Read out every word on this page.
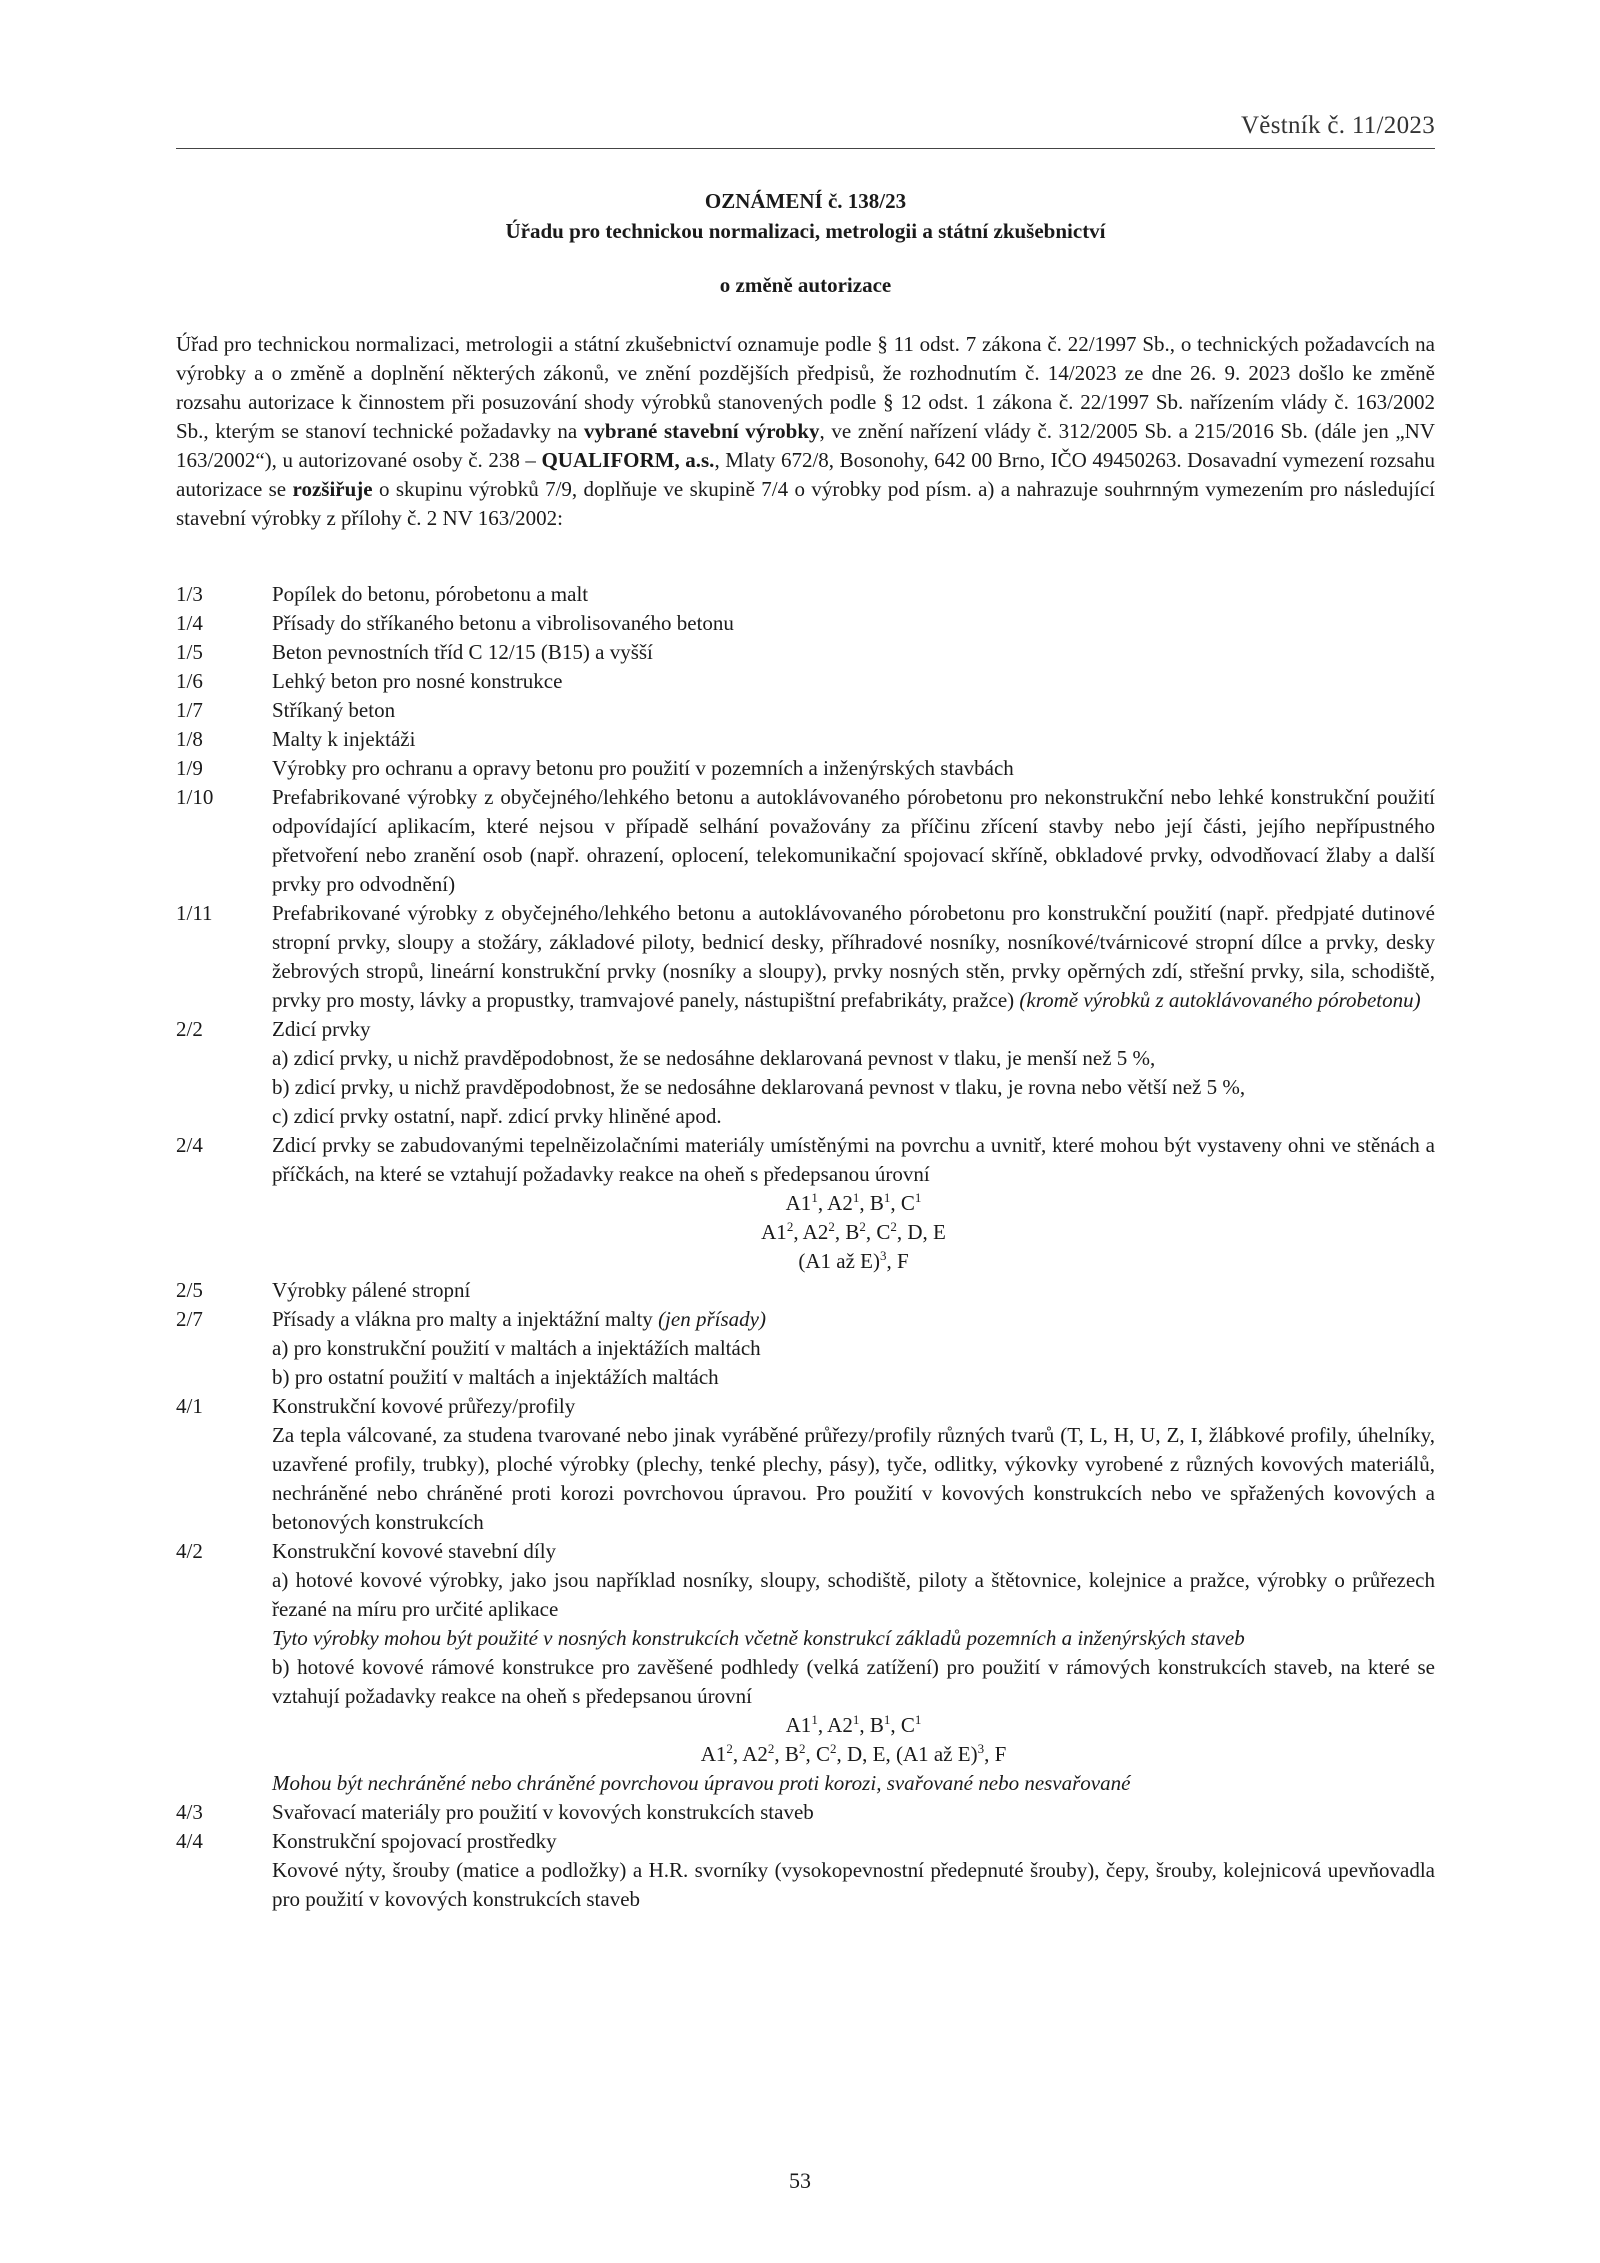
Věstník č. 11/2023
OZNÁMENÍ č. 138/23
Úřadu pro technickou normalizaci, metrologii a státní zkušebnictví
o změně autorizace
Úřad pro technickou normalizaci, metrologii a státní zkušebnictví oznamuje podle § 11 odst. 7 zákona č. 22/1997 Sb., o technických požadavcích na výrobky a o změně a doplnění některých zákonů, ve znění pozdějších předpisů, že rozhodnutím č. 14/2023 ze dne 26. 9. 2023 došlo ke změně rozsahu autorizace k činnostem při posuzování shody výrobků stanovených podle § 12 odst. 1 zákona č. 22/1997 Sb. nařízením vlády č. 163/2002 Sb., kterým se stanoví technické požadavky na vybrané stavební výrobky, ve znění nařízení vlády č. 312/2005 Sb. a 215/2016 Sb. (dále jen „NV 163/2002“), u autorizované osoby č. 238 – QUALIFORM, a.s., Mlaty 672/8, Bosonohy, 642 00 Brno, IČO 49450263. Dosavadní vymezení rozsahu autorizace se rozšiřuje o skupinu výrobků 7/9, doplňuje ve skupině 7/4 o výrobky pod písm. a) a nahrazuje souhrnným vymezením pro následující stavební výrobky z přílohy č. 2 NV 163/2002:
1/3	Popílek do betonu, pórobetonu a malt
1/4	Přísady do stříkaného betonu a vibrolisovaného betonu
1/5	Beton pevnostních tříd C 12/15 (B15) a vyšší
1/6	Lehký beton pro nosné konstrukce
1/7	Stříkaný beton
1/8	Malty k injektáži
1/9	Výrobky pro ochranu a opravy betonu pro použití v pozemních a inženýrských stavbách
1/10	Prefabrikované výrobky z obyčejného/lehkého betonu a autoklávovaného pórobetonu pro nekonstrukční nebo lehké konstrukční použití odpovídající aplikacím, které nejsou v případě selhání považovány za příčinu zřícení stavby nebo její části, jejího nepřípustného přetvoření nebo zranění osob (např. ohrazení, oplocení, telekomunikační spojovací skříně, obkladové prvky, odvodňovací žlaby a další prvky pro odvodnění)
1/11	Prefabrikované výrobky z obyčejného/lehkého betonu a autoklávovaného pórobetonu pro konstrukční použití (např. předpjaté dutinové stropní prvky, sloupy a stožáry, základové piloty, bednicí desky, příhradové nosníky, nosníkové/tvárnicové stropní dílce a prvky, desky žebrových stropů, lineární konstrukční prvky (nosníky a sloupy), prvky nosných stěn, prvky opěrných zdí, střešní prvky, sila, schodiště, prvky pro mosty, lávky a propustky, tramvajové panely, nástupištní prefabrikáty, pražce) (kromě výrobků z autoklávovaného pórobetonu)
2/2	Zdicí prvky
a) zdicí prvky, u nichž pravděpodobnost, že se nedosáhne deklarovaná pevnost v tlaku, je menší než 5 %,
b) zdicí prvky, u nichž pravděpodobnost, že se nedosáhne deklarovaná pevnost v tlaku, je rovna nebo větší než 5 %,
c) zdicí prvky ostatní, např. zdicí prvky hliněné apod.
2/4	Zdicí prvky se zabudovanými tepelněizolačními materiály umístěnými na povrchu a uvnitř, které mohou být vystaveny ohni ve stěnách a příčkách, na které se vztahují požadavky reakce na oheň s předepsanou úrovní
$A1^1$, $A2^1$, $B^1$, $C^1$
$A1^2$, $A2^2$, $B^2$, $C^2$, D, E
(A1 až E)$^3$, F
2/5	Výrobky pálené stropní
2/7	Přísady a vlákna pro malty a injektážní malty (jen přísady)
a) pro konstrukční použití v maltách a injektážích maltách
b) pro ostatní použití v maltách a injektážích maltách
4/1	Konstrukční kovové průřezy/profily
Za tepla válcované, za studena tvarované nebo jinak vyráběné průřezy/profily různých tvarů (T, L, H, U, Z, I, žlábkové profily, úhelníky, uzavřené profily, trubky), ploché výrobky (plechy, tenké plechy, pásy), tyče, odlitky, výkovky vyrobené z různých kovových materiálů, nechráněné nebo chráněné proti korozi povrchovou úpravou. Pro použití v kovových konstrukcích nebo ve spřažených kovových a betonových konstrukcích
4/2	Konstrukční kovové stavební díly
a) hotové kovové výrobky, jako jsou například nosníky, sloupy, schodiště, piloty a štětovnice, kolejnice a pražce, výrobky o průřezech řezané na míru pro určité aplikace
Tyto výrobky mohou být použité v nosných konstrukcích včetně konstrukcí základů pozemních a inženýrských staveb
b) hotové kovové rámové konstrukce pro zavěšené podhledy (velká zatížení) pro použití v rámových konstrukcích staveb, na které se vztahují požadavky reakce na oheň s předepsanou úrovní
$A1^1$, $A2^1$, $B^1$, $C^1$
$A1^2$, $A2^2$, $B^2$, $C^2$, D, E, (A1 až E)$^3$, F
Mohou být nechráněné nebo chráněné povrchovou úpravou proti korozi, svařované nebo nesvařované
4/3	Svařovací materiály pro použití v kovových konstrukcích staveb
4/4	Konstrukční spojovací prostředky
Kovové nýty, šrouby (matice a podložky) a H.R. svorníky (vysokopevnostní předepnuté šrouby), čepy, šrouby, kolejnicová upevňovadla pro použití v kovových konstrukcích staveb
53
